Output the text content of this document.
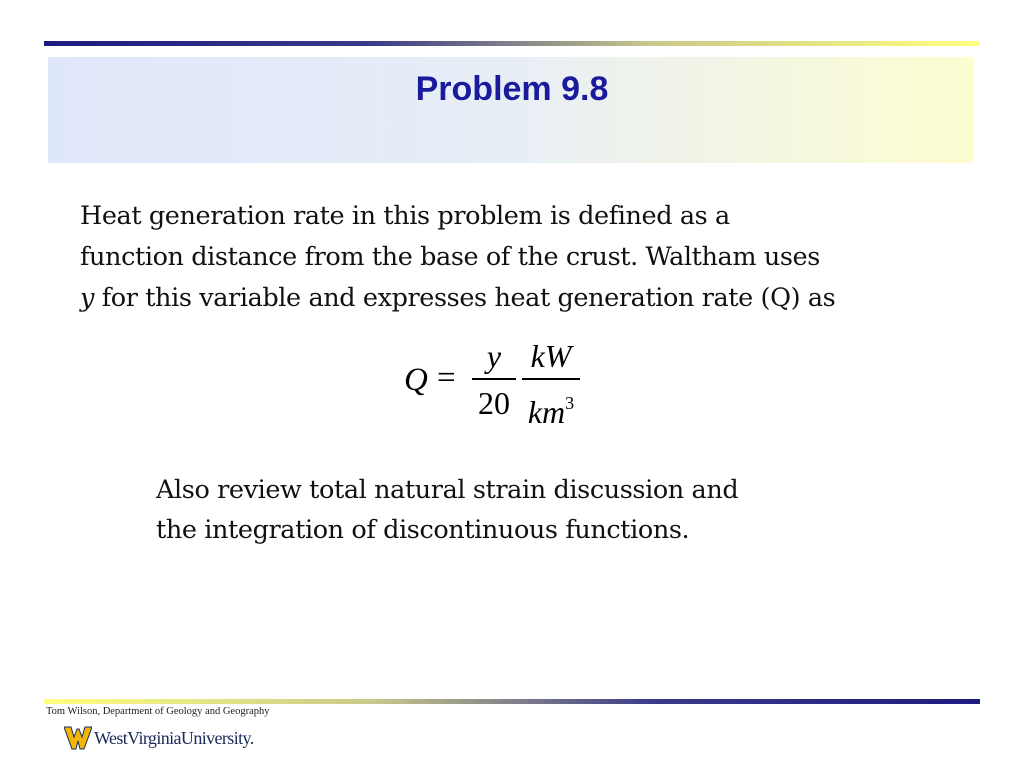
Problem 9.8
Heat generation rate in this problem is defined as a
function distance from the base of the crust. Waltham uses
y for this variable and expresses heat generation rate (Q) as
Q =
y
20
kW
$km^3$
Also review total natural strain discussion and
the integration of discontinuous functions.
Tom Wilson, Department of Geology and Geography
WestVirginiaUniversity.
